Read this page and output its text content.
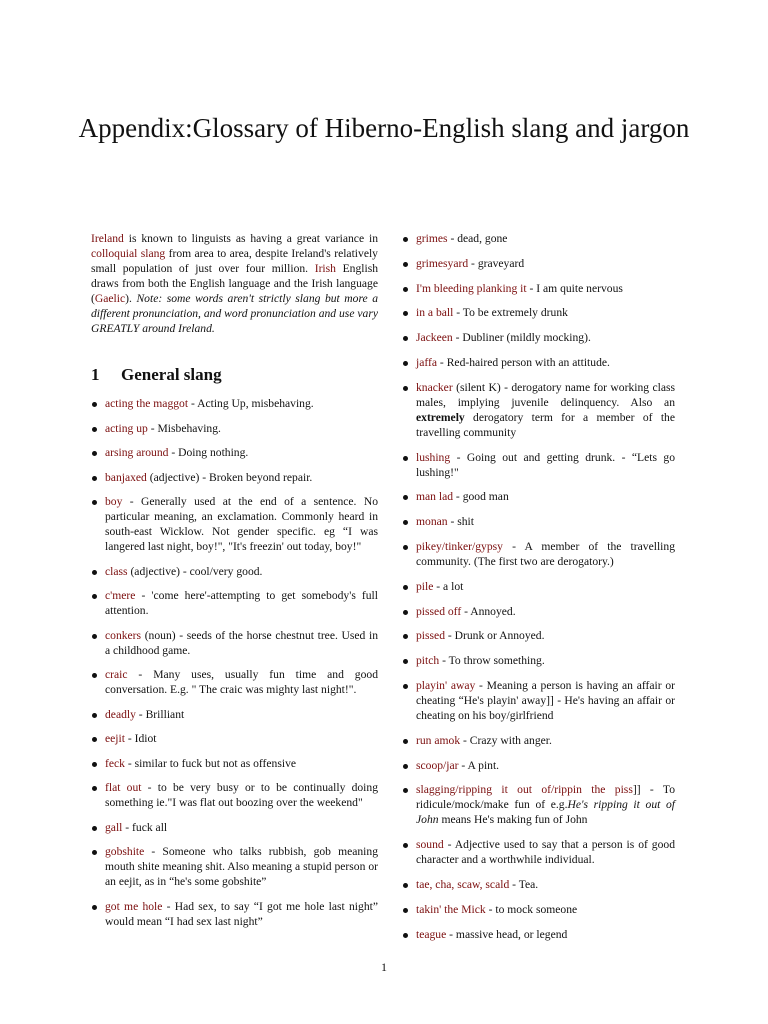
Appendix:Glossary of Hiberno-English slang and jargon

Ireland is known to linguists as having a great variance in colloquial slang from area to area, despite Ireland's relatively small population of just over four million. Irish English draws from both the English language and the Irish language (Gaelic). Note: some words aren't strictly slang but more a different pronunciation, and word pronunciation and use vary GREATLY around Ireland.

1 General slang
acting the maggot - Acting Up, misbehaving.
acting up - Misbehaving.
arsing around - Doing nothing.
banjaxed (adjective) - Broken beyond repair.
boy - Generally used at the end of a sentence. No particular meaning, an exclamation. Commonly heard in south-east Wicklow. Not gender specific. eg “I was langered last night, boy!", "It's freezin' out today, boy!"
class (adjective) - cool/very good.
c'mere - 'come here'-attempting to get somebody's full attention.
conkers (noun) - seeds of the horse chestnut tree. Used in a childhood game.
craic - Many uses, usually fun time and good conversation. E.g. " The craic was mighty last night!".
deadly - Brilliant
eejit - Idiot
feck - similar to fuck but not as offensive
flat out - to be very busy or to be continually doing something ie."I was flat out boozing over the weekend"
gall - fuck all
gobshite - Someone who talks rubbish, gob meaning mouth shite meaning shit. Also meaning a stupid person or an eejit, as in “he's some gobshite”
got me hole - Had sex, to say “I got me hole last night” would mean “I had sex last night”
grimes - dead, gone
grimesyard - graveyard
I'm bleeding planking it - I am quite nervous
in a ball - To be extremely drunk
Jackeen - Dubliner (mildly mocking).
jaffa - Red-haired person with an attitude.
knacker (silent K) - derogatory name for working class males, implying juvenile delinquency. Also an extremely derogatory term for a member of the travelling community
lushing - Going out and getting drunk. - “Lets go lushing!"
man lad - good man
monan - shit
pikey/tinker/gypsy - A member of the travelling community. (The first two are derogatory.)
pile - a lot
pissed off - Annoyed.
pissed - Drunk or Annoyed.
pitch - To throw something.
playin' away - Meaning a person is having an affair or cheating “He's playin' away]] - He's having an affair or cheating on his boy/girlfriend
run amok - Crazy with anger.
scoop/jar - A pint.
slagging/ripping it out of/rippin the piss]] - To ridicule/mock/make fun of e.g.He's ripping it out of John means He's making fun of John
sound - Adjective used to say that a person is of good character and a worthwhile individual.
tae, cha, scaw, scald - Tea.
takin' the Mick - to mock someone
teague - massive head, or legend
1
